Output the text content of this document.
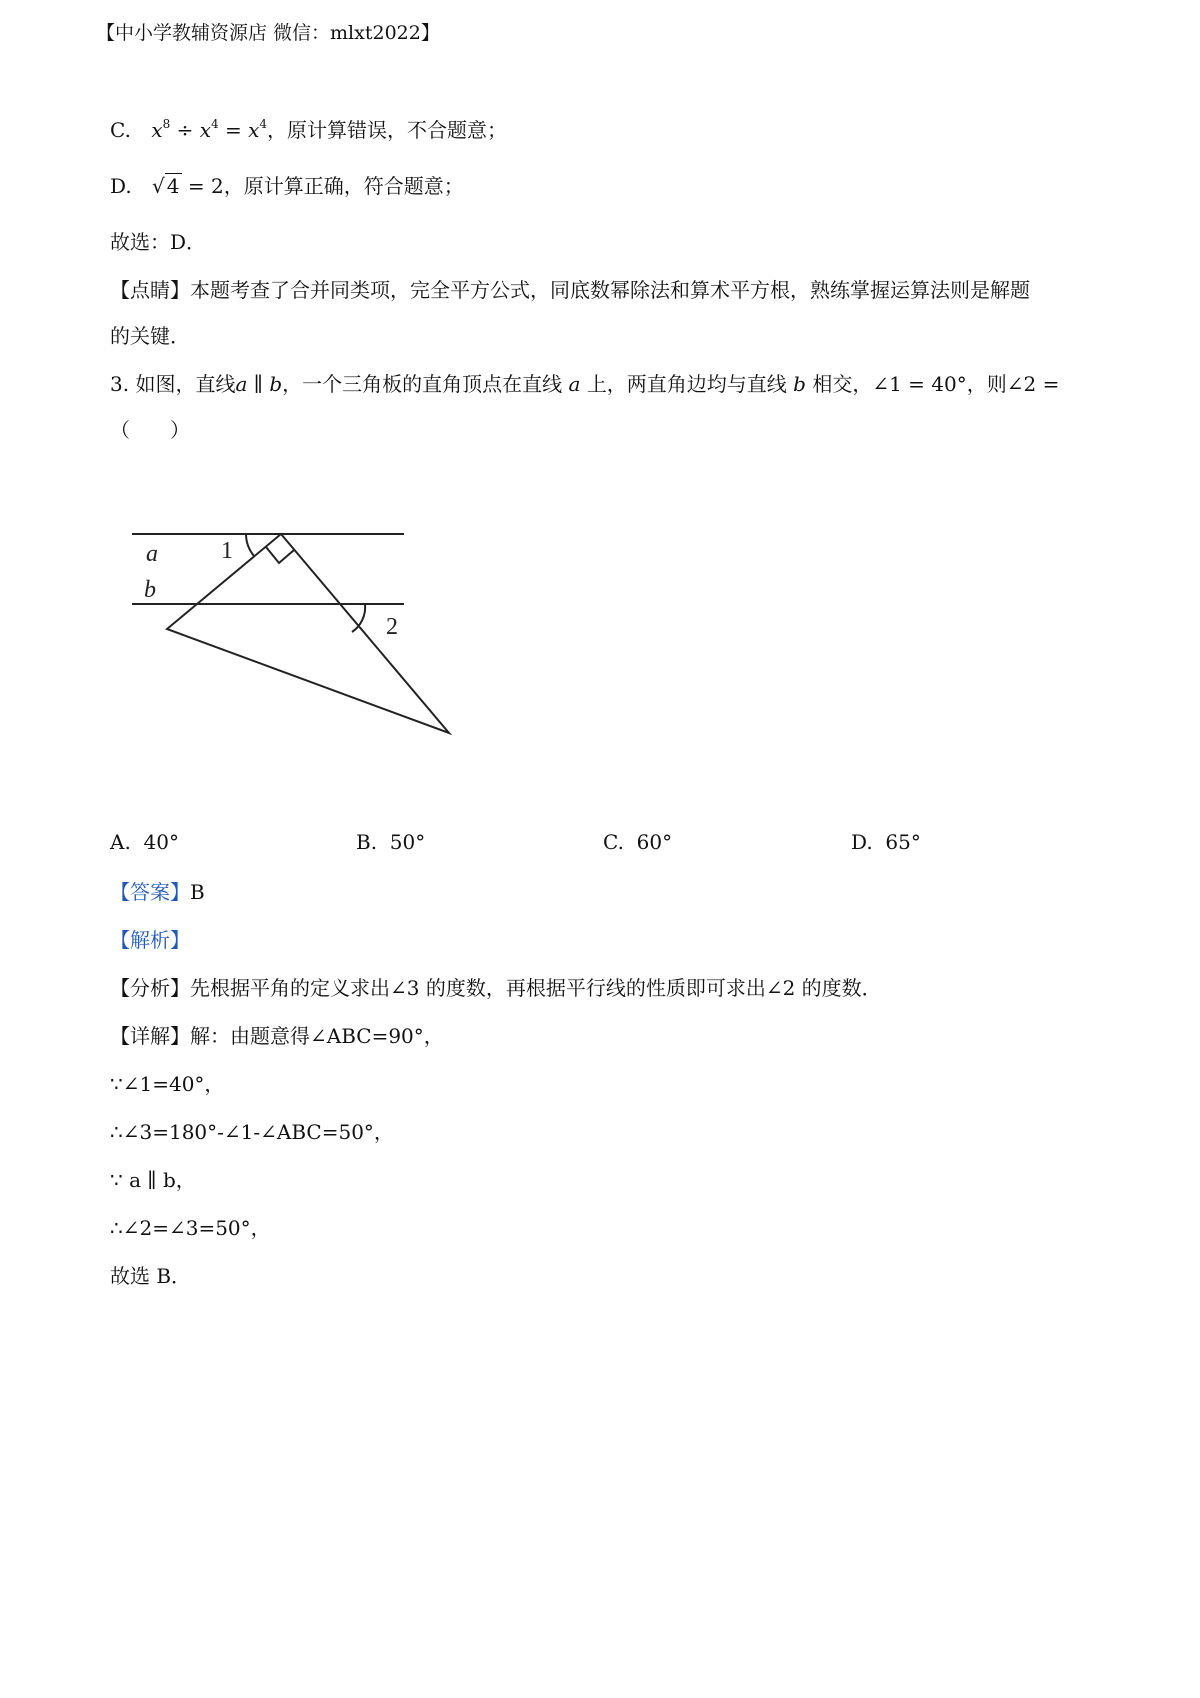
【中小学教辅资源店 微信：mlxt2022】
C. $x^8 \div x^4 = x^4$，原计算错误，不合题意；
D. √ 4 = 2，原计算正确，符合题意；
故选：D．
【点睛】本题考查了合并同类项，完全平方公式，同底数幂除法和算术平方根，熟练掌握运算法则是解题
的关键．
3. 如图，直线a ∥ b，一个三角板的直角顶点在直线 a 上，两直角边均与直线 b 相交，∠1 = 40°，则∠2 =
（　　）
a
b
1
2
A. 40°	B. 50°	C. 60°	D. 65°
【答案】B
【解析】
【分析】先根据平角的定义求出∠3 的度数，再根据平行线的性质即可求出∠2 的度数．
【详解】解：由题意得∠ABC=90°，
∵∠1=40°，
∴∠3=180°-∠1-∠ABC=50°，
∵ a ∥ b，
∴∠2=∠3=50°，
故选 B．
